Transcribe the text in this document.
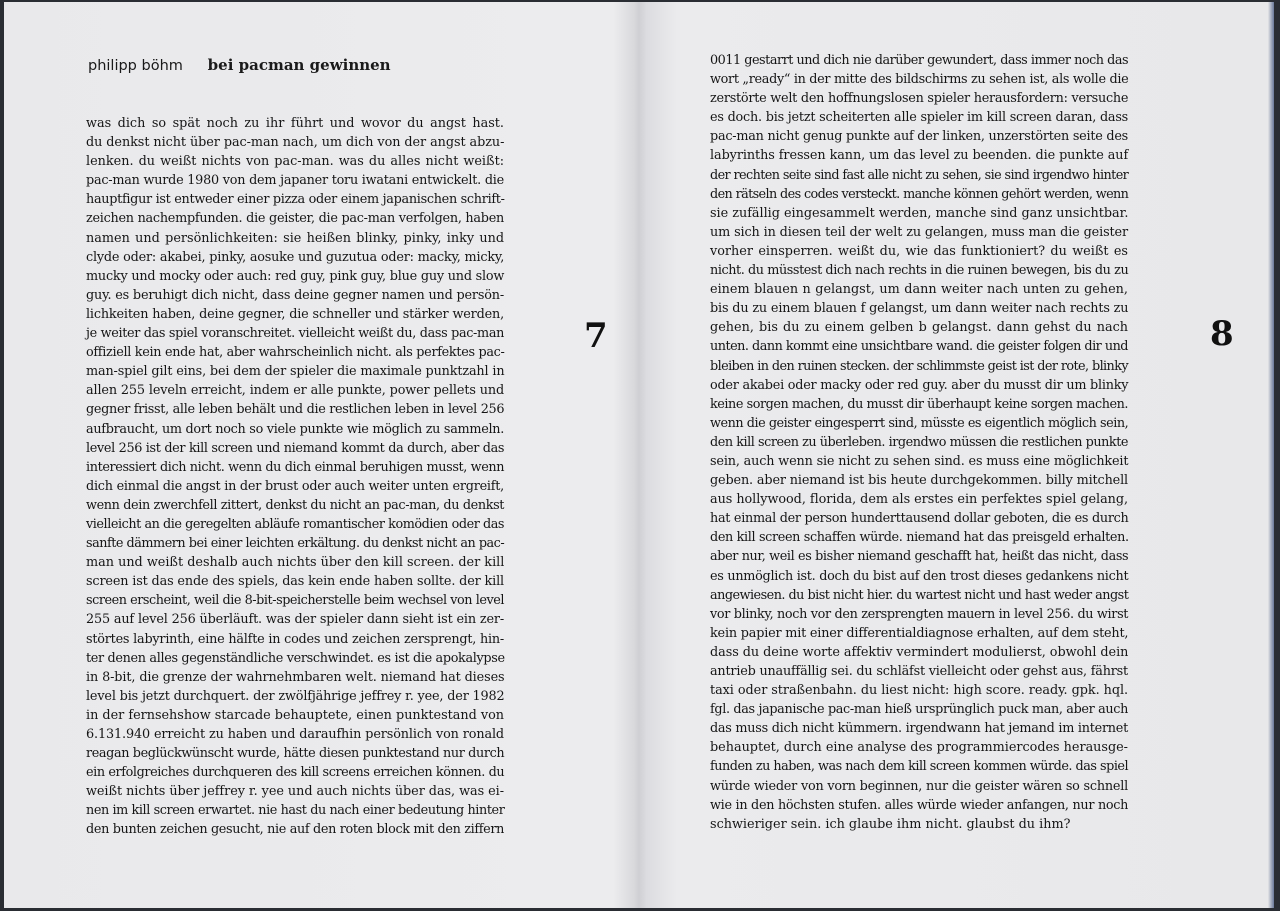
philipp böhm bei pacman gewinnen
was dich so spät noch zu ihr führt und wovor du angst hast.
du denkst nicht über pac-man nach, um dich von der angst abzu-
lenken. du weißt nichts von pac-man. was du alles nicht weißt:
pac-man wurde 1980 von dem japaner toru iwatani entwickelt. die
hauptfigur ist entweder einer pizza oder einem japanischen schrift-
zeichen nachempfunden. die geister, die pac-man verfolgen, haben
namen und persönlichkeiten: sie heißen blinky, pinky, inky und
clyde oder: akabei, pinky, aosuke und guzutua oder: macky, micky,
mucky und mocky oder auch: red guy, pink guy, blue guy und slow
guy. es beruhigt dich nicht, dass deine gegner namen und persön-
lichkeiten haben, deine gegner, die schneller und stärker werden,
je weiter das spiel voranschreitet. vielleicht weißt du, dass pac-man
offiziell kein ende hat, aber wahrscheinlich nicht. als perfektes pac-
man-spiel gilt eins, bei dem der spieler die maximale punktzahl in
allen 255 leveln erreicht, indem er alle punkte, power pellets und
gegner frisst, alle leben behält und die restlichen leben in level 256
aufbraucht, um dort noch so viele punkte wie möglich zu sammeln.
level 256 ist der kill screen und niemand kommt da durch, aber das
interessiert dich nicht. wenn du dich einmal beruhigen musst, wenn
dich einmal die angst in der brust oder auch weiter unten ergreift,
wenn dein zwerchfell zittert, denkst du nicht an pac-man, du denkst
vielleicht an die geregelten abläufe romantischer komödien oder das
sanfte dämmern bei einer leichten erkältung. du denkst nicht an pac-
man und weißt deshalb auch nichts über den kill screen. der kill
screen ist das ende des spiels, das kein ende haben sollte. der kill
screen erscheint, weil die 8-bit-speicherstelle beim wechsel von level
255 auf level 256 überläuft. was der spieler dann sieht ist ein zer-
störtes labyrinth, eine hälfte in codes und zeichen zersprengt, hin-
ter denen alles gegenständliche verschwindet. es ist die apokalypse
in 8-bit, die grenze der wahrnehmbaren welt. niemand hat dieses
level bis jetzt durchquert. der zwölfjährige jeffrey r. yee, der 1982
in der fernsehshow starcade behauptete, einen punktestand von
6.131.940 erreicht zu haben und daraufhin persönlich von ronald
reagan beglückwünscht wurde, hätte diesen punktestand nur durch
ein erfolgreiches durchqueren des kill screens erreichen können. du
weißt nichts über jeffrey r. yee und auch nichts über das, was ei-
nen im kill screen erwartet. nie hast du nach einer bedeutung hinter
den bunten zeichen gesucht, nie auf den roten block mit den ziffern
7
0011 gestarrt und dich nie darüber gewundert, dass immer noch das
wort „ready“ in der mitte des bildschirms zu sehen ist, als wolle die
zerstörte welt den hoffnungslosen spieler herausfordern: versuche
es doch. bis jetzt scheiterten alle spieler im kill screen daran, dass
pac-man nicht genug punkte auf der linken, unzerstörten seite des
labyrinths fressen kann, um das level zu beenden. die punkte auf
der rechten seite sind fast alle nicht zu sehen, sie sind irgendwo hinter
den rätseln des codes versteckt. manche können gehört werden, wenn
sie zufällig eingesammelt werden, manche sind ganz unsichtbar.
um sich in diesen teil der welt zu gelangen, muss man die geister
vorher einsperren. weißt du, wie das funktioniert? du weißt es
nicht. du müsstest dich nach rechts in die ruinen bewegen, bis du zu
einem blauen n gelangst, um dann weiter nach unten zu gehen,
bis du zu einem blauen f gelangst, um dann weiter nach rechts zu
gehen, bis du zu einem gelben b gelangst. dann gehst du nach
unten. dann kommt eine unsichtbare wand. die geister folgen dir und
bleiben in den ruinen stecken. der schlimmste geist ist der rote, blinky
oder akabei oder macky oder red guy. aber du musst dir um blinky
keine sorgen machen, du musst dir überhaupt keine sorgen machen.
wenn die geister eingesperrt sind, müsste es eigentlich möglich sein,
den kill screen zu überleben. irgendwo müssen die restlichen punkte
sein, auch wenn sie nicht zu sehen sind. es muss eine möglichkeit
geben. aber niemand ist bis heute durchgekommen. billy mitchell
aus hollywood, florida, dem als erstes ein perfektes spiel gelang,
hat einmal der person hunderttausend dollar geboten, die es durch
den kill screen schaffen würde. niemand hat das preisgeld erhalten.
aber nur, weil es bisher niemand geschafft hat, heißt das nicht, dass
es unmöglich ist. doch du bist auf den trost dieses gedankens nicht
angewiesen. du bist nicht hier. du wartest nicht und hast weder angst
vor blinky, noch vor den zersprengten mauern in level 256. du wirst
kein papier mit einer differentialdiagnose erhalten, auf dem steht,
dass du deine worte affektiv vermindert modulierst, obwohl dein
antrieb unauffällig sei. du schläfst vielleicht oder gehst aus, fährst
taxi oder straßenbahn. du liest nicht: high score. ready. gpk. hql.
fgl. das japanische pac-man hieß ursprünglich puck man, aber auch
das muss dich nicht kümmern. irgendwann hat jemand im internet
behauptet, durch eine analyse des programmiercodes herausge-
funden zu haben, was nach dem kill screen kommen würde. das spiel
würde wieder von vorn beginnen, nur die geister wären so schnell
wie in den höchsten stufen. alles würde wieder anfangen, nur noch
schwieriger sein. ich glaube ihm nicht. glaubst du ihm?
8
